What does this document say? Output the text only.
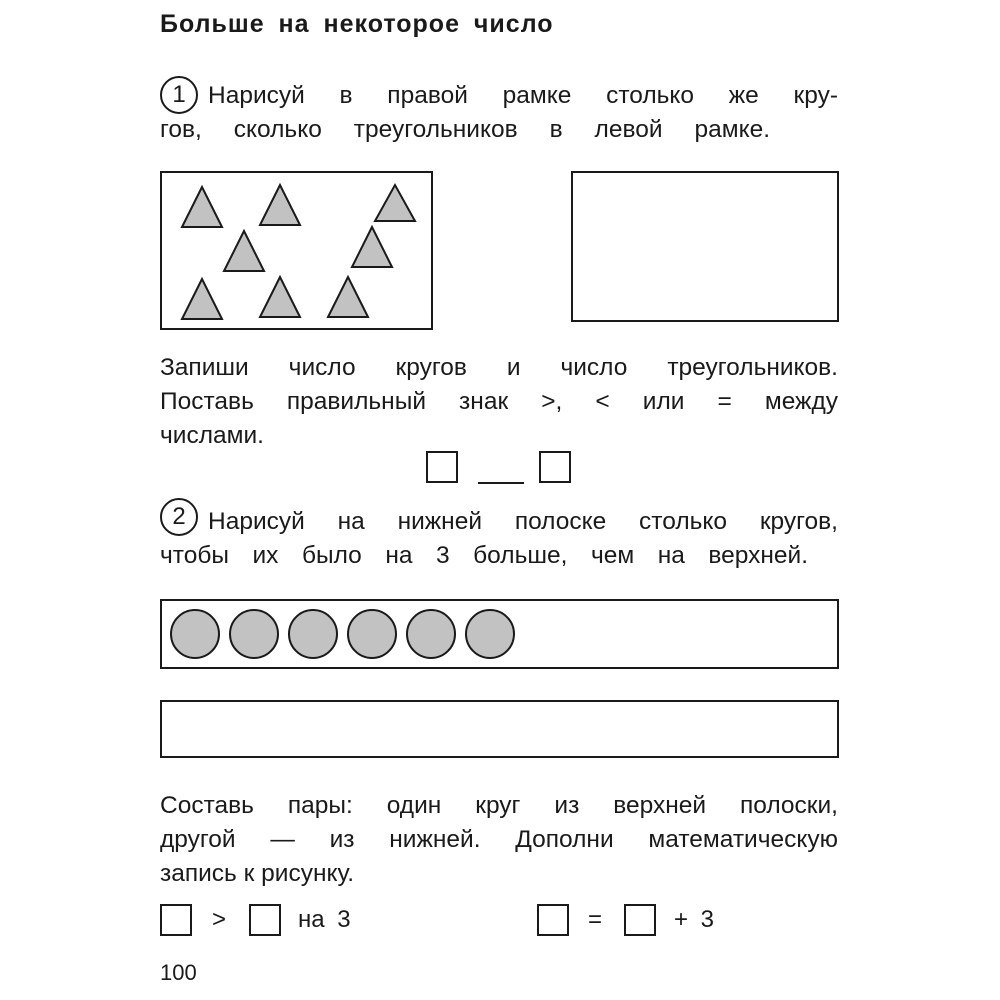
Больше на некоторое число
1 Нарисуй в правой рамке столько же кру-
гов, сколько треугольников в левой рамке.
Запиши число кругов и число треугольников.
Поставь правильный знак >, < или = между
числами.
2 Нарисуй на нижней полоске столько кругов,
чтобы их было на 3 больше, чем на верхней.
Составь пары: один круг из верхней полоски,
другой — из нижней. Дополни математическую
запись к рисунку.
>	на 3	=	+ 3
100
